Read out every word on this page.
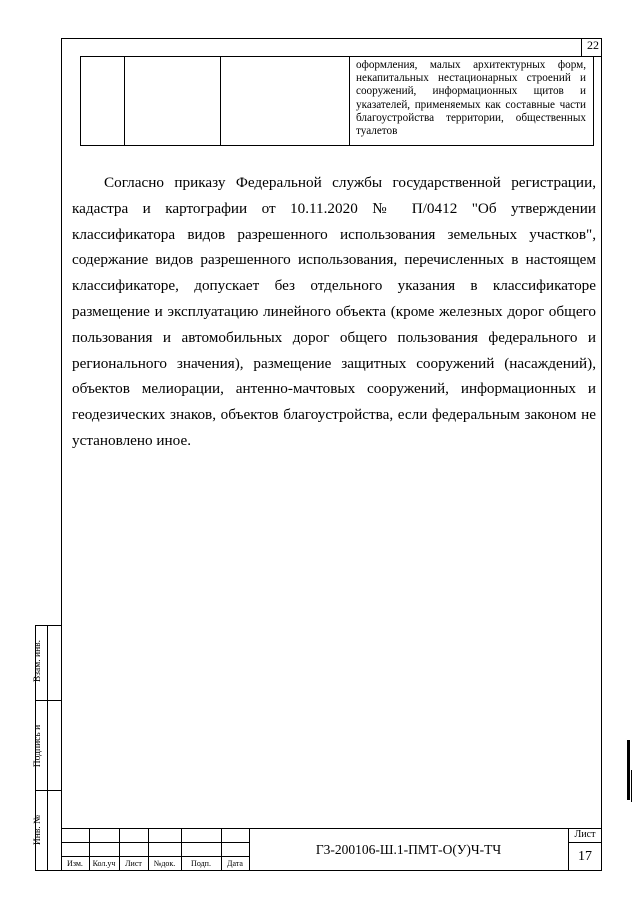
22
оформления, малых архитектурных форм, некапитальных нестационарных строений и сооружений, информационных щитов и указателей, применяемых как составные части благоустройства территории, общественных туалетов

Согласно приказу Федеральной службы государственной регистрации, кадастра и картографии от 10.11.2020 № П/0412 "Об утверждении классификатора видов разрешенного использования земельных участков", содержание видов разрешенного использования, перечисленных в настоящем классификаторе, допускает без отдельного указания в классификаторе размещение и эксплуатацию линейного объекта (кроме железных дорог общего пользования и автомобильных дорог общего пользования федерального и регионального значения), размещение защитных сооружений (насаждений), объектов мелиорации, антенно-мачтовых сооружений, информационных и геодезических знаков, объектов благоустройства, если федеральным законом не установлено иное.

Взам. инв.
Подпись и
Инв. №
Изм.	Кол.уч	Лист	№док.	Подп.	Дата
Г3-200106-Ш.1-ПМТ-О(У)Ч-ТЧ
Лист
17
